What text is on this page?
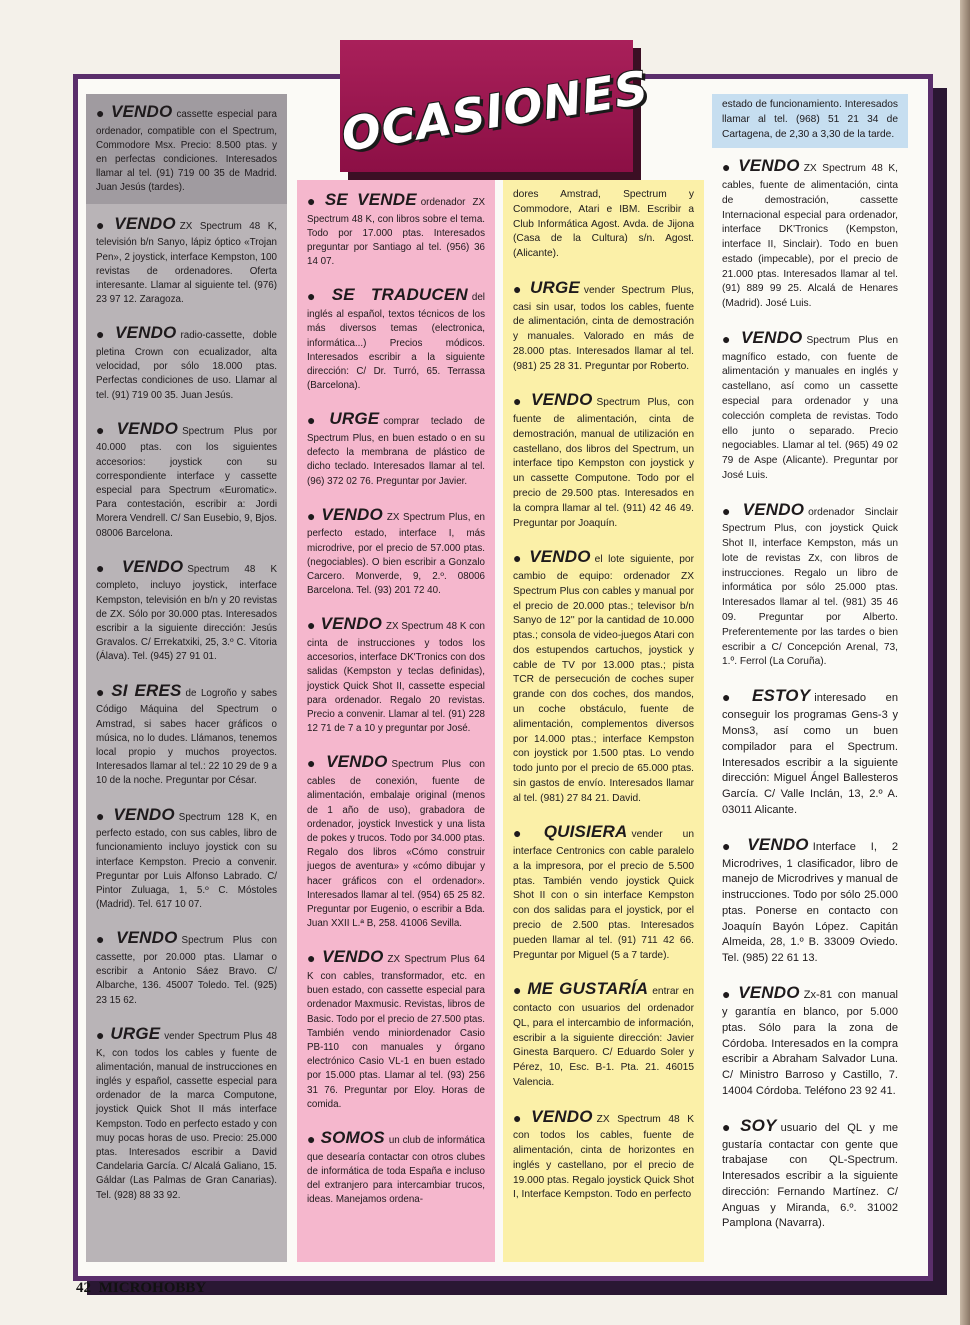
● VENDO cassette especial para ordenador, compatible con el Spectrum, Commodore Msx. Precio: 8.500 ptas. y en perfectas condiciones. Interesados llamar al tel. (91) 719 00 35 de Madrid. Juan Jesús (tardes).
● VENDO ZX Spectrum 48 K, televisión b/n Sanyo, lápiz óptico «Trojan Pen», 2 joystick, interface Kempston, 100 revistas de ordenadores. Oferta interesante. Llamar al siguiente tel. (976) 23 97 12. Zaragoza.
● VENDO radio-cassette, doble pletina Crown con ecualizador, alta velocidad, por sólo 18.000 ptas. Perfectas condiciones de uso. Llamar al tel. (91) 719 00 35. Juan Jesús.
● VENDO Spectrum Plus por 40.000 ptas. con los siguientes accesorios: joystick con su correspondiente interface y cassette especial para Spectrum «Euromatic». Para contestación, escribir a: Jordi Morera Vendrell. C/ San Eusebio, 9, Bjos. 08006 Barcelona.
● VENDO Spectrum 48 K completo, incluyo joystick, interface Kempston, televisión en b/n y 20 revistas de ZX. Sólo por 30.000 ptas. Interesados escribir a la siguiente dirección: Jesús Gravalos. C/ Errekatxiki, 25, 3.º C. Vitoria (Álava). Tel. (945) 27 91 01.
● SI ERES de Logroño y sabes Código Máquina del Spectrum o Amstrad, si sabes hacer gráficos o música, no lo dudes. Llámanos, tenemos local propio y muchos proyectos. Interesados llamar al tel.: 22 10 29 de 9 a 10 de la noche. Preguntar por César.
● VENDO Spectrum 128 K, en perfecto estado, con sus cables, libro de funcionamiento incluyo joystick con su interface Kempston. Precio a convenir. Preguntar por Luis Alfonso Labrado. C/ Pintor Zuluaga, 1, 5.º C. Móstoles (Madrid). Tel. 617 10 07.
● VENDO Spectrum Plus con cassette, por 20.000 ptas. Llamar o escribir a Antonio Sáez Bravo. C/ Albarche, 136. 45007 Toledo. Tel. (925) 23 15 62.
● URGE vender Spectrum Plus 48 K, con todos los cables y fuente de alimentación, manual de instrucciones en inglés y español, cassette especial para ordenador de la marca Computone, joystick Quick Shot II más interface Kempston. Todo en perfecto estado y con muy pocas horas de uso. Precio: 25.000 ptas. Interesados escribir a David Candelaria García. C/ Alcalá Galiano, 15. Gáldar (Las Palmas de Gran Canarias). Tel. (928) 88 33 92.
● SE VENDE ordenador ZX Spectrum 48 K, con libros sobre el tema. Todo por 17.000 ptas. Interesados preguntar por Santiago al tel. (956) 36 14 07.
● SE TRADUCEN del inglés al español, textos técnicos de los más diversos temas (electronica, informática...) Precios módicos. Interesados escribir a la siguiente dirección: C/ Dr. Turró, 65. Terrassa (Barcelona).
● URGE comprar teclado de Spectrum Plus, en buen estado o en su defecto la membrana de plástico de dicho teclado. Interesados llamar al tel. (96) 372 02 76. Preguntar por Javier.
● VENDO ZX Spectrum Plus, en perfecto estado, interface I, más microdrive, por el precio de 57.000 ptas. (negociables). O bien escribir a Gonzalo Carcero. Monverde, 9, 2.º. 08006 Barcelona. Tel. (93) 201 72 40.
● VENDO ZX Spectrum 48 K con cinta de instrucciones y todos los accesorios, interface DK'Tronics con dos salidas (Kempston y teclas definidas), joystick Quick Shot II, cassette especial para ordenador. Regalo 20 revistas. Precio a convenir. Llamar al tel. (91) 228 12 71 de 7 a 10 y preguntar por José.
● VENDO Spectrum Plus con cables de conexión, fuente de alimentación, embalaje original (menos de 1 año de uso), grabadora de ordenador, joystick Investick y una lista de pokes y trucos. Todo por 34.000 ptas. Regalo dos libros «Cómo construir juegos de aventura» y «cómo dibujar y hacer gráficos con el ordenador». Interesados llamar al tel. (954) 65 25 82. Preguntar por Eugenio, o escribir a Bda. Juan XXII L.ª B, 258. 41006 Sevilla.
● VENDO ZX Spectrum Plus 64 K con cables, transformador, etc. en buen estado, con cassette especial para ordenador Maxmusic. Revistas, libros de Basic. Todo por el precio de 27.500 ptas. También vendo miniordenador Casio PB-110 con manuales y órgano electrónico Casio VL-1 en buen estado por 15.000 ptas. Llamar al tel. (93) 256 31 76. Preguntar por Eloy. Horas de comida.
● SOMOS un club de informática que desearía contactar con otros clubes de informática de toda España e incluso del extranjero para intercambiar trucos, ideas. Manejamos ordena-
dores Amstrad, Spectrum y Commodore, Atari e IBM. Escribir a Club Informática Agost. Avda. de Jijona (Casa de la Cultura) s/n. Agost. (Alicante).
● URGE vender Spectrum Plus, casi sin usar, todos los cables, fuente de alimentación, cinta de demostración y manuales. Valorado en más de 28.000 ptas. Interesados llamar al tel. (981) 25 28 31. Preguntar por Roberto.
● VENDO Spectrum Plus, con fuente de alimentación, cinta de demostración, manual de utilización en castellano, dos libros del Spectrum, un interface tipo Kempston con joystick y un cassette Computone. Todo por el precio de 29.500 ptas. Interesados en la compra llamar al tel. (911) 42 46 49. Preguntar por Joaquín.
● VENDO el lote siguiente, por cambio de equipo: ordenador ZX Spectrum Plus con cables y manual por el precio de 20.000 ptas.; televisor b/n Sanyo de 12'' por la cantidad de 10.000 ptas.; consola de video-juegos Atari con dos estupendos cartuchos, joystick y cable de TV por 13.000 ptas.; pista TCR de persecución de coches super grande con dos coches, dos mandos, un coche obstáculo, fuente de alimentación, complementos diversos por 14.000 ptas.; interface Kempston con joystick por 1.500 ptas. Lo vendo todo junto por el precio de 65.000 ptas. sin gastos de envío. Interesados llamar al tel. (981) 27 84 21. David.
● QUISIERA vender un interface Centronics con cable paralelo a la impresora, por el precio de 5.500 ptas. También vendo joystick Quick Shot II con o sin interface Kempston con dos salidas para el joystick, por el precio de 2.500 ptas. Interesados pueden llamar al tel. (91) 711 42 66. Preguntar por Miguel (5 a 7 tarde).
● ME GUSTARÍA entrar en contacto con usuarios del ordenador QL, para el intercambio de información, escribir a la siguiente dirección: Javier Ginesta Barquero. C/ Eduardo Soler y Pérez, 10, Esc. B-1. Pta. 21. 46015 Valencia.
● VENDO ZX Spectrum 48 K con todos los cables, fuente de alimentación, cinta de horizontes en inglés y castellano, por el precio de 19.000 ptas. Regalo joystick Quick Shot I, Interface Kempston. Todo en perfecto
estado de funcionamiento. Interesados llamar al tel. (968) 51 21 34 de Cartagena, de 2,30 a 3,30 de la tarde.
● VENDO ZX Spectrum 48 K, cables, fuente de alimentación, cinta de demostración, cassette Internacional especial para ordenador, interface DK'Tronics (Kempston, interface II, Sinclair). Todo en buen estado (impecable), por el precio de 21.000 ptas. Interesados llamar al tel. (91) 889 99 25. Alcalá de Henares (Madrid). José Luis.
● VENDO Spectrum Plus en magnífico estado, con fuente de alimentación y manuales en inglés y castellano, así como un cassette especial para ordenador y una colección completa de revistas. Todo ello junto o separado. Precio negociables. Llamar al tel. (965) 49 02 79 de Aspe (Alicante). Preguntar por José Luis.
● VENDO ordenador Sinclair Spectrum Plus, con joystick Quick Shot II, interface Kempston, más un lote de revistas Zx, con libros de instrucciones. Regalo un libro de informática por sólo 25.000 ptas. Interesados llamar al tel. (981) 35 46 09. Preguntar por Alberto. Preferentemente por las tardes o bien escribir a C/ Concepción Arenal, 73, 1.º. Ferrol (La Coruña).
● ESTOY interesado en conseguir los programas Gens-3 y Mons3, así como un buen compilador para el Spectrum. Interesados escribir a la siguiente dirección: Miguel Ángel Ballesteros García. C/ Valle Inclán, 13, 2.º A. 03011 Alicante.
● VENDO Interface I, 2 Microdrives, 1 clasificador, libro de manejo de Microdrives y manual de instrucciones. Todo por sólo 25.000 ptas. Ponerse en contacto con Joaquín Bayón López. Capitán Almeida, 28, 1.º B. 33009 Oviedo. Tel. (985) 22 61 13.
● VENDO Zx-81 con manual y garantía en blanco, por 5.000 ptas. Sólo para la zona de Córdoba. Interesados en la compra escribir a Abraham Salvador Luna. C/ Ministro Barroso y Castillo, 7. 14004 Córdoba. Teléfono 23 92 41.
● SOY usuario del QL y me gustaría contactar con gente que trabajase con QL-Spectrum. Interesados escribir a la siguiente dirección: Fernando Martínez. C/ Anguas y Miranda, 6.º. 31002 Pamplona (Navarra).
OCASIONES
42 MICROHOBBY
